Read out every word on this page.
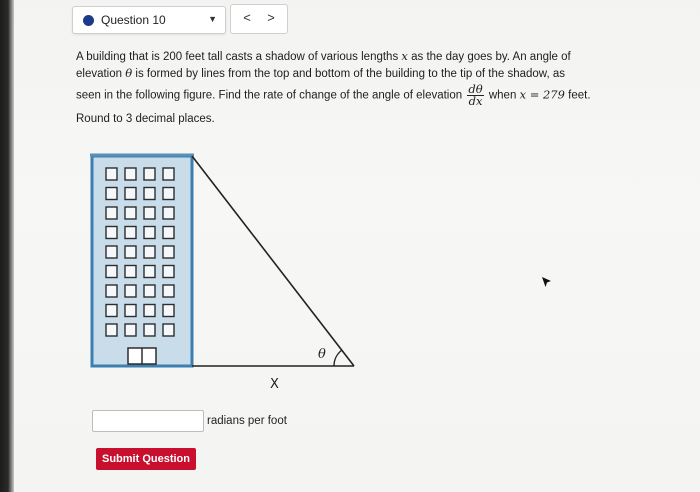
Question 10	▼	<	>

A building that is 200 feet tall casts a shadow of various lengths x as the day goes by. An angle of

elevation θ is formed by lines from the top and bottom of the building to the tip of the shadow, as

seen in the following figure. Find the rate of change of the angle of elevation $\frac{d\theta}{dx}$ when x = 279 feet.

Round to 3 decimal places.

θ
X
radians per foot
Submit Question
